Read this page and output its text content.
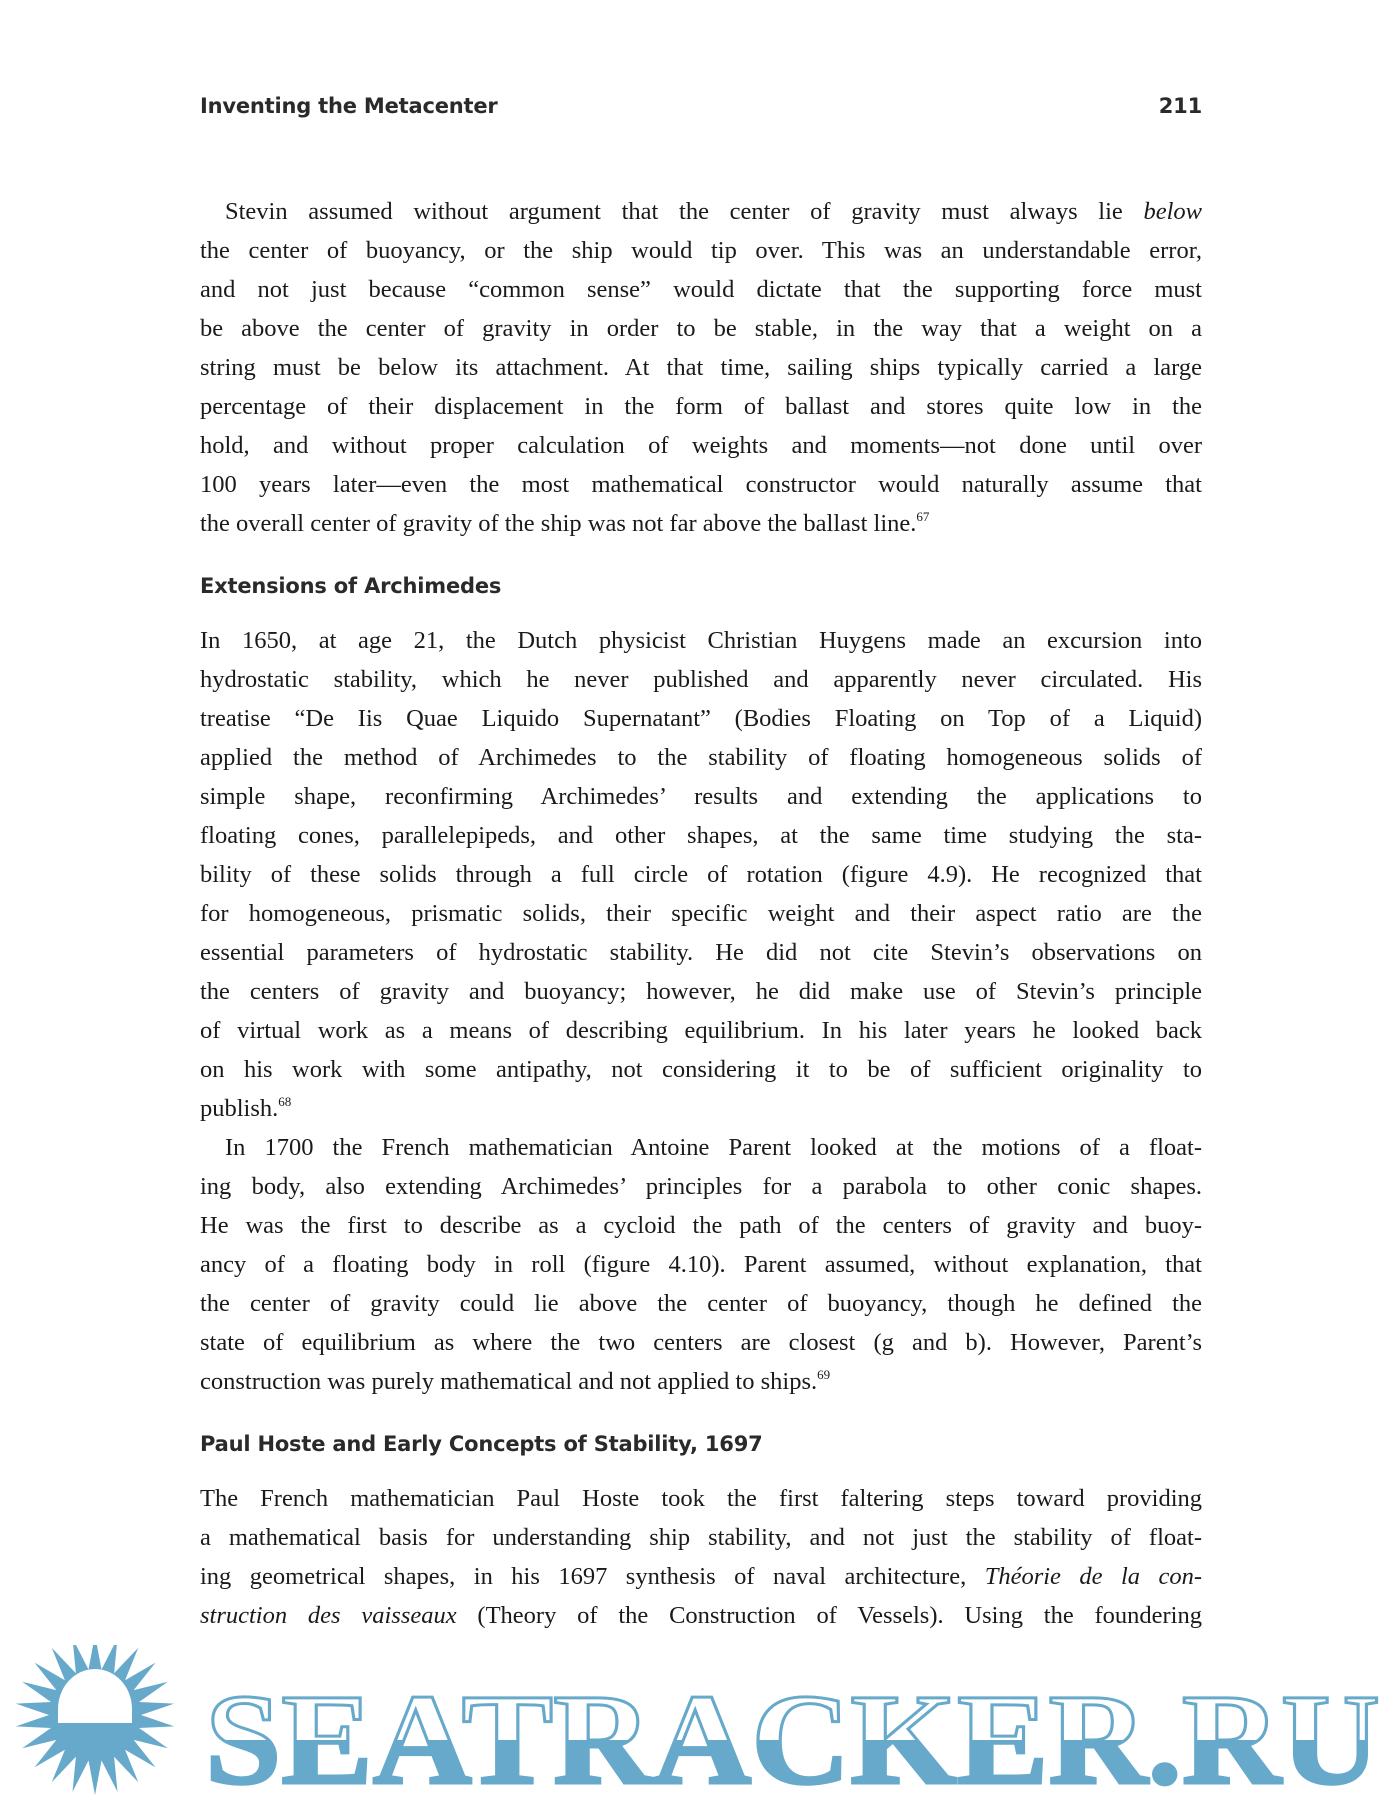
Inventing the Metacenter	211
Stevin assumed without argument that the center of gravity must always lie below
the center of buoyancy, or the ship would tip over. This was an understandable error,
and not just because “common sense” would dictate that the supporting force must
be above the center of gravity in order to be stable, in the way that a weight on a
string must be below its attachment. At that time, sailing ships typically carried a large
percentage of their displacement in the form of ballast and stores quite low in the
hold, and without proper calculation of weights and moments—not done until over
100 years later—even the most mathematical constructor would naturally assume that
the overall center of gravity of the ship was not far above the ballast line.$^{67}$
Extensions of Archimedes
In 1650, at age 21, the Dutch physicist Christian Huygens made an excursion into
hydrostatic stability, which he never published and apparently never circulated. His
treatise “De Iis Quae Liquido Supernatant” (Bodies Floating on Top of a Liquid)
applied the method of Archimedes to the stability of floating homogeneous solids of
simple shape, reconfirming Archimedes’ results and extending the applications to
floating cones, parallelepipeds, and other shapes, at the same time studying the sta-
bility of these solids through a full circle of rotation (figure 4.9). He recognized that
for homogeneous, prismatic solids, their specific weight and their aspect ratio are the
essential parameters of hydrostatic stability. He did not cite Stevin’s observations on
the centers of gravity and buoyancy; however, he did make use of Stevin’s principle
of virtual work as a means of describing equilibrium. In his later years he looked back
on his work with some antipathy, not considering it to be of sufficient originality to
publish.$^{68}$
In 1700 the French mathematician Antoine Parent looked at the motions of a float-
ing body, also extending Archimedes’ principles for a parabola to other conic shapes.
He was the first to describe as a cycloid the path of the centers of gravity and buoy-
ancy of a floating body in roll (figure 4.10). Parent assumed, without explanation, that
the center of gravity could lie above the center of buoyancy, though he defined the
state of equilibrium as where the two centers are closest (g and b). However, Parent’s
construction was purely mathematical and not applied to ships.$^{69}$
Paul Hoste and Early Concepts of Stability, 1697
The French mathematician Paul Hoste took the first faltering steps toward providing
a mathematical basis for understanding ship stability, and not just the stability of float-
ing geometrical shapes, in his 1697 synthesis of naval architecture, Théorie de la con-
struction des vaisseaux (Theory of the Construction of Vessels). Using the foundering
SEATRACKER.RU
